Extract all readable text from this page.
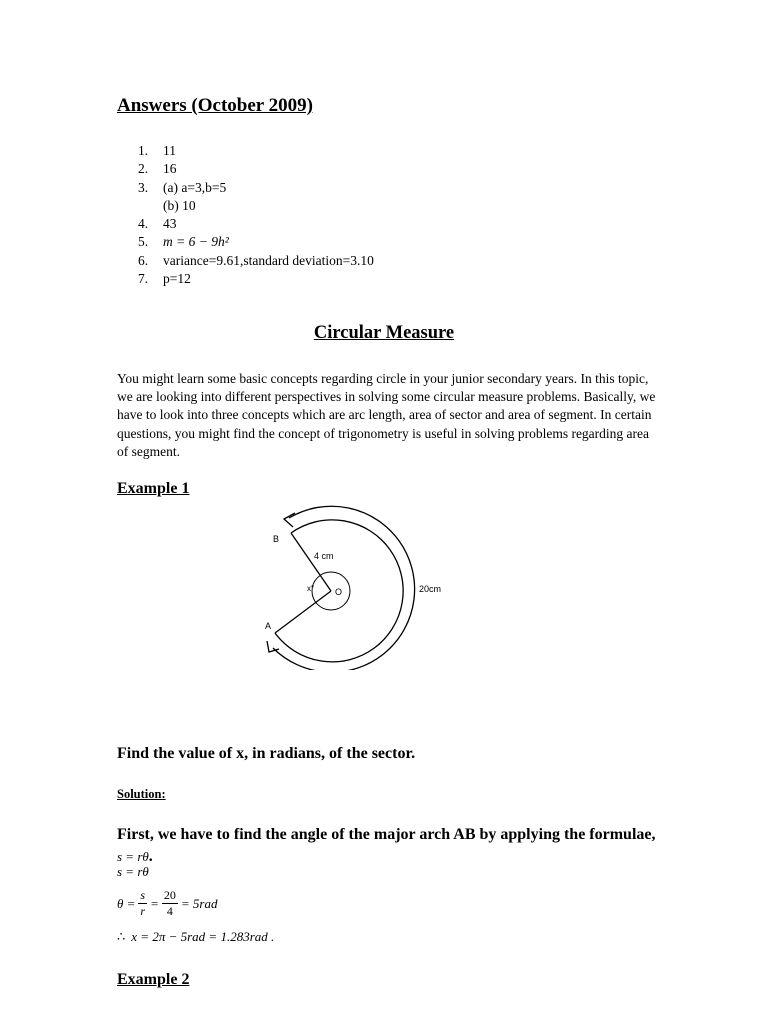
Answers (October 2009)
1.	11
2.	16
3.	(a) a=3,b=5
(b) 10
4.	43
5.	m = 6 − 9h²
6.	variance=9.61,standard deviation=3.10
7.	p=12
Circular Measure
You might learn some basic concepts regarding circle in your junior secondary years. In this topic, we are looking into different perspectives in solving some circular measure problems. Basically, we have to look into three concepts which are arc length, area of sector and area of segment. In certain questions, you might find the concept of trigonometry is useful in solving problems regarding area of segment.
Example 1
B
A
4 cm
x° O	20cm
Find the value of x, in radians, of the sector.
Solution:
First, we have to find the angle of the major arch AB by applying the formulae, s = rθ.
s = rθ
$\theta = \frac{s}{r} = \frac{20}{4} = 5rad$
∴ x = 2π − 5rad = 1.283rad .
Example 2
